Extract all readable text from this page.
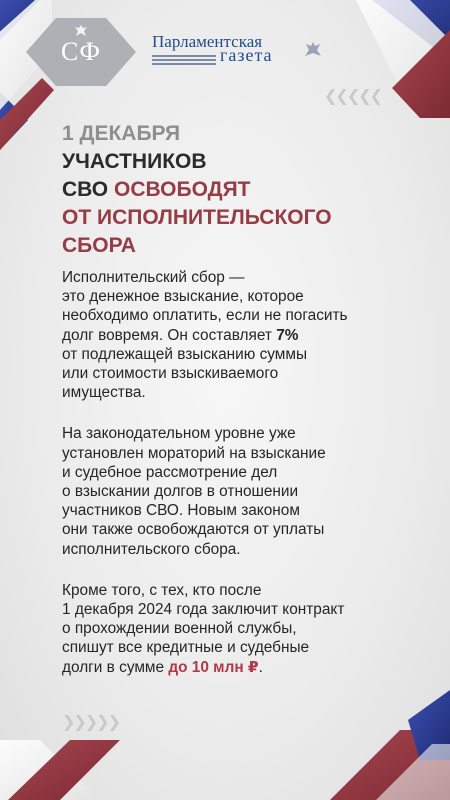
❮❮❮❮❮
❯❯❯❯❯
СФ	Парламентская
газета
1 ДЕКАБРЯ
УЧАСТНИКОВ
СВО ОСВОБОДЯТ
ОТ ИСПОЛНИТЕЛЬСКОГО
СБОРА

Исполнительский сбор —
это денежное взыскание, которое
необходимо оплатить, если не погасить
долг вовремя. Он составляет 7%
от подлежащей взысканию суммы
или стоимости взыскиваемого
имущества.

На законодательном уровне уже
установлен мораторий на взыскание
и судебное рассмотрение дел
о взыскании долгов в отношении
участников СВО. Новым законом
они также освобождаются от уплаты
исполнительского сбора.

Кроме того, с тех, кто после
1 декабря 2024 года заключит контракт
о прохождении военной службы,
спишут все кредитные и судебные
долги в сумме до 10 млн ₽.
